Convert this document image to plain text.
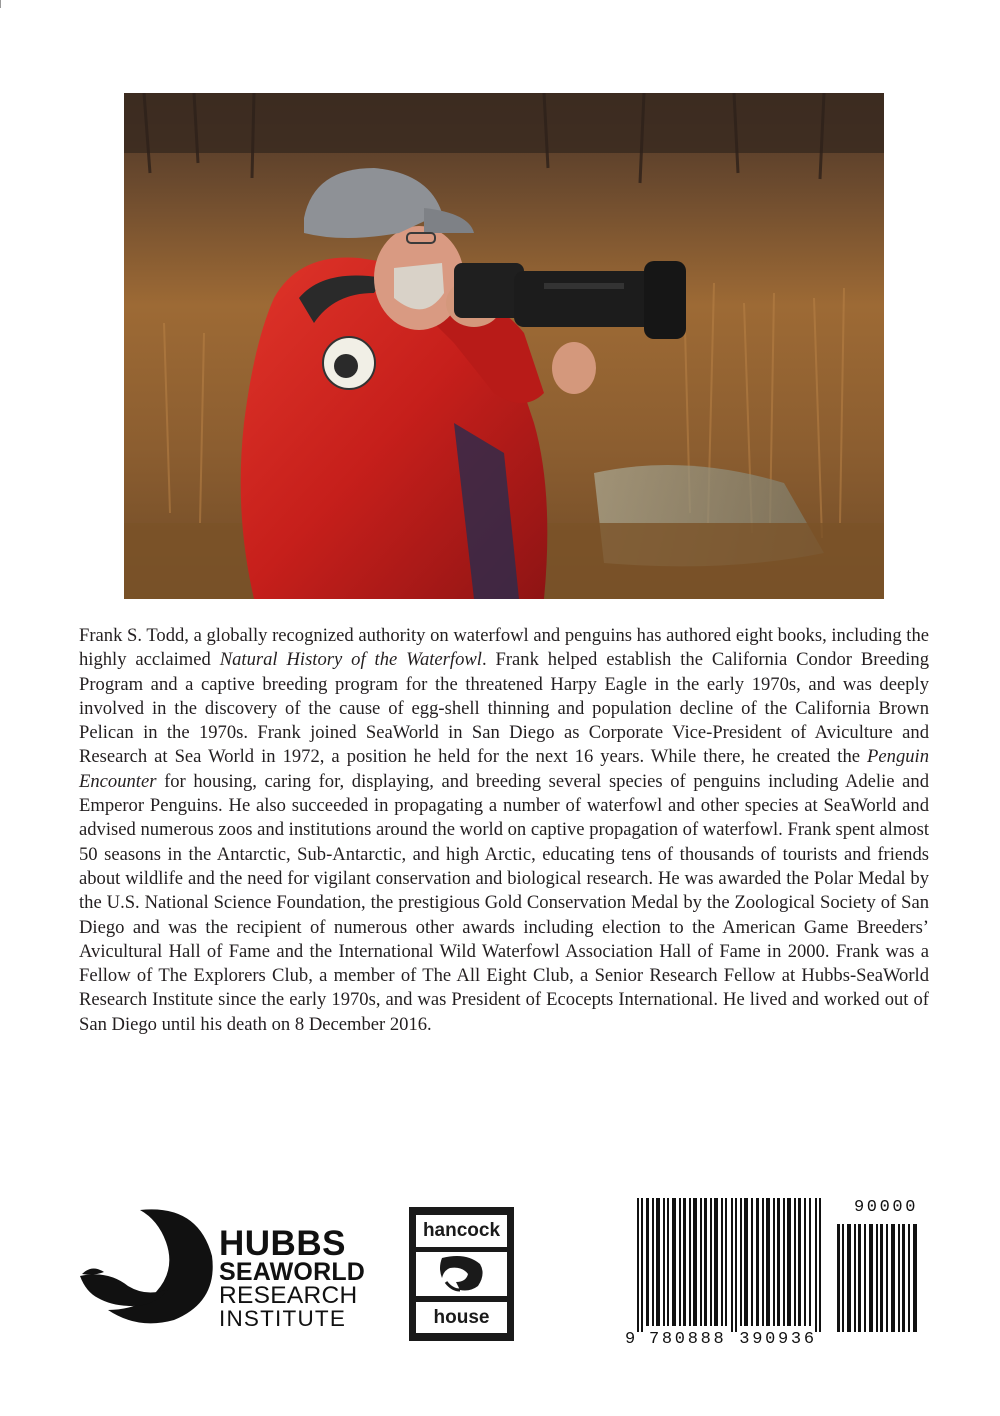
Frank S. Todd, a globally recognized authority on waterfowl and penguins has authored eight books, including the highly acclaimed Natural History of the Waterfowl. Frank helped establish the California Condor Breeding Program and a captive breeding program for the threatened Harpy Eagle in the early 1970s, and was deeply involved in the discovery of the cause of egg-shell thinning and population decline of the California Brown Pelican in the 1970s. Frank joined SeaWorld in San Diego as Corporate Vice-President of Aviculture and Research at Sea World in 1972, a position he held for the next 16 years. While there, he created the Penguin Encounter for housing, caring for, displaying, and breeding several species of penguins including Adelie and Emperor Penguins. He also succeeded in propagating a number of waterfowl and other species at SeaWorld and advised numerous zoos and institutions around the world on captive propagation of waterfowl. Frank spent almost 50 seasons in the Antarctic, Sub-Antarctic, and high Arctic, educating tens of thousands of tourists and friends about wildlife and the need for vigilant conservation and biological research. He was awarded the Polar Medal by the U.S. National Science Foundation, the prestigious Gold Conservation Medal by the Zoological Society of San Diego and was the recipient of numerous other awards including election to the American Game Breeders’ Avicultural Hall of Fame and the International Wild Waterfowl Association Hall of Fame in 2000. Frank was a Fellow of The Explorers Club, a member of The All Eight Club, a Senior Research Fellow at Hubbs-SeaWorld Research Institute since the early 1970s, and was President of Ecocepts International. He lived and worked out of San Diego until his death on 8 December 2016.

HUBBS
SEAWORLD
RESEARCH
INSTITUTE
hancock
house
9 780888 390936
90000
